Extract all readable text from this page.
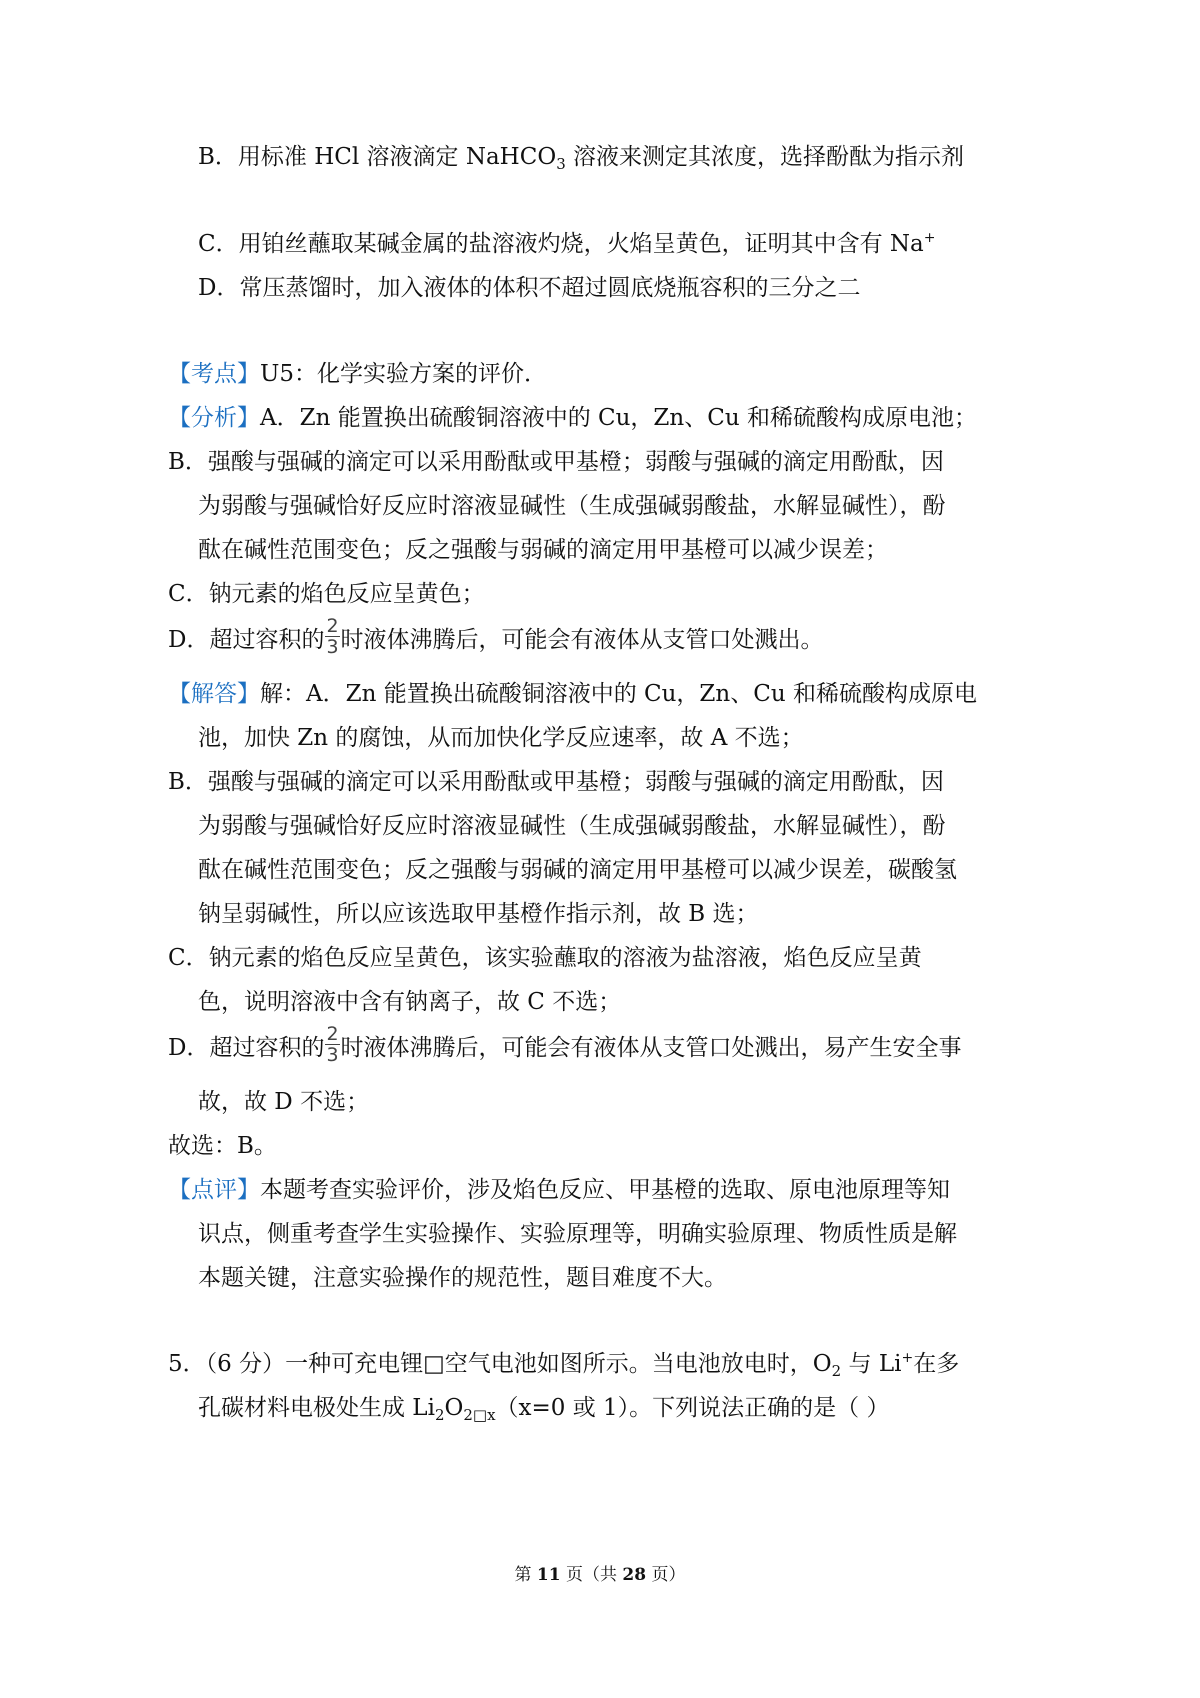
B．用标准 HCl 溶液滴定 NaHCO$_3$ 溶液来测定其浓度，选择酚酞为指示剂
C．用铂丝蘸取某碱金属的盐溶液灼烧，火焰呈黄色，证明其中含有 Na+
D．常压蒸馏时，加入液体的体积不超过圆底烧瓶容积的三分之二
【考点】U5：化学实验方案的评价．
【分析】A．Zn 能置换出硫酸铜溶液中的 Cu，Zn、Cu 和稀硫酸构成原电池；
B．强酸与强碱的滴定可以采用酚酞或甲基橙；弱酸与强碱的滴定用酚酞，因
为弱酸与强碱恰好反应时溶液显碱性（生成强碱弱酸盐，水解显碱性），酚
酞在碱性范围变色；反之强酸与弱碱的滴定用甲基橙可以减少误差；
C．钠元素的焰色反应呈黄色；
D．超过容积的 $\frac{2}{3}$ 时液体沸腾后，可能会有液体从支管口处溅出。
【解答】解：A．Zn 能置换出硫酸铜溶液中的 Cu，Zn、Cu 和稀硫酸构成原电
池，加快 Zn 的腐蚀，从而加快化学反应速率，故 A 不选；
B．强酸与强碱的滴定可以采用酚酞或甲基橙；弱酸与强碱的滴定用酚酞，因
为弱酸与强碱恰好反应时溶液显碱性（生成强碱弱酸盐，水解显碱性），酚
酞在碱性范围变色；反之强酸与弱碱的滴定用甲基橙可以减少误差，碳酸氢
钠呈弱碱性，所以应该选取甲基橙作指示剂，故 B 选；
C．钠元素的焰色反应呈黄色，该实验蘸取的溶液为盐溶液，焰色反应呈黄
色，说明溶液中含有钠离子，故 C 不选；
D．超过容积的 $\frac{2}{3}$ 时液体沸腾后，可能会有液体从支管口处溅出，易产生安全事
故，故 D 不选；
故选：B。
【点评】本题考查实验评价，涉及焰色反应、甲基橙的选取、原电池原理等知
识点，侧重考查学生实验操作、实验原理等，明确实验原理、物质性质是解
本题关键，注意实验操作的规范性，题目难度不大。
5．（6 分）一种可充电锂□空气电池如图所示。当电池放电时，$O_2$ 与 Li+在多
孔碳材料电极处生成 $Li_2O_{2□x}(x=0$ 或 1）。下列说法正确的是（ ）
第 11 页（共 28 页）
